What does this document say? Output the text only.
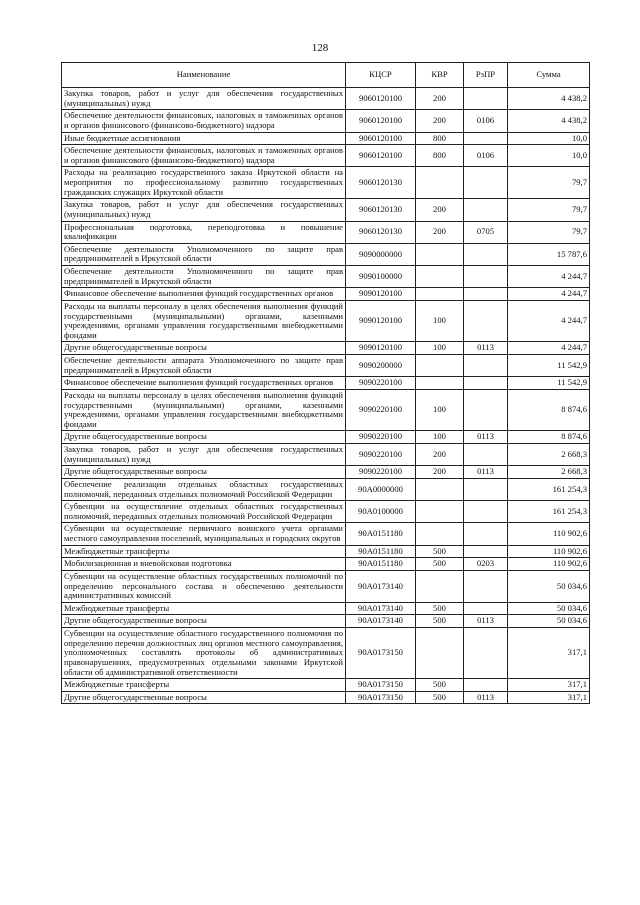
128
Наименование	КЦСР	КВР	РзПР	Сумма
Закупка товаров, работ и услуг для обеспечения государственных (муниципальных) нужд	9060120100	200		4 438,2
Обеспечение деятельности финансовых, налоговых и таможенных органов и органов финансового (финансово-бюджетного) надзора	9060120100	200	0106	4 438,2
Иные бюджетные ассигнования	9060120100	800		10,0
Обеспечение деятельности финансовых, налоговых и таможенных органов и органов финансового (финансово-бюджетного) надзора	9060120100	800	0106	10,0
Расходы на реализацию государственного заказа Иркутской области на мероприятия по профессиональному развитию государственных гражданских служащих Иркутской области	9060120130			79,7
Закупка товаров, работ и услуг для обеспечения государственных (муниципальных) нужд	9060120130	200		79,7
Профессиональная подготовка, переподготовка и повышение квалификации	9060120130	200	0705	79,7
Обеспечение деятельности Уполномоченного по защите прав предпринимателей в Иркутской области	9090000000			15 787,6
Обеспечение деятельности Уполномоченного по защите прав предпринимателей в Иркутской области	9090100000			4 244,7
Финансовое обеспечение выполнения функций государственных органов	9090120100			4 244,7
Расходы на выплаты персоналу в целях обеспечения выполнения функций государственными (муниципальными) органами, казенными учреждениями, органами управления государственными внебюджетными фондами	9090120100	100		4 244,7
Другие общегосударственные вопросы	9090120100	100	0113	4 244,7
Обеспечение деятельности аппарата Уполномоченного по защите прав предпринимателей в Иркутской области	9090200000			11 542,9
Финансовое обеспечение выполнения функций государственных органов	9090220100			11 542,9
Расходы на выплаты персоналу в целях обеспечения выполнения функций государственными (муниципальными) органами, казенными учреждениями, органами управления государственными внебюджетными фондами	9090220100	100		8 874,6
Другие общегосударственные вопросы	9090220100	100	0113	8 874,6
Закупка товаров, работ и услуг для обеспечения государственных (муниципальных) нужд	9090220100	200		2 668,3
Другие общегосударственные вопросы	9090220100	200	0113	2 668,3
Обеспечение реализации отдельных областных государственных полномочий, переданных отдельных полномочий Российской Федерации	90А0000000			161 254,3
Субвенции на осуществление отдельных областных государственных полномочий, переданных отдельных полномочий Российской Федерации	90А0100000			161 254,3
Субвенции на осуществление первичного воинского учета органами местного самоуправления поселений, муниципальных и городских округов	90А0151180			110 902,6
Межбюджетные трансферты	90А0151180	500		110 902,6
Мобилизационная и вневойсковая подготовка	90А0151180	500	0203	110 902,6
Субвенции на осуществление областных государственных полномочий по определению персонального состава и обеспечению деятельности административных комиссий	90А0173140			50 034,6
Межбюджетные трансферты	90А0173140	500		50 034,6
Другие общегосударственные вопросы	90А0173140	500	0113	50 034,6
Субвенции на осуществление областного государственного полномочия по определению перечня должностных лиц органов местного самоуправления, уполномоченных составлять протоколы об административных правонарушениях, предусмотренных отдельными законами Иркутской области об административной ответственности	90А0173150			317,1
Межбюджетные трансферты	90А0173150	500		317,1
Другие общегосударственные вопросы	90А0173150	500	0113	317,1
